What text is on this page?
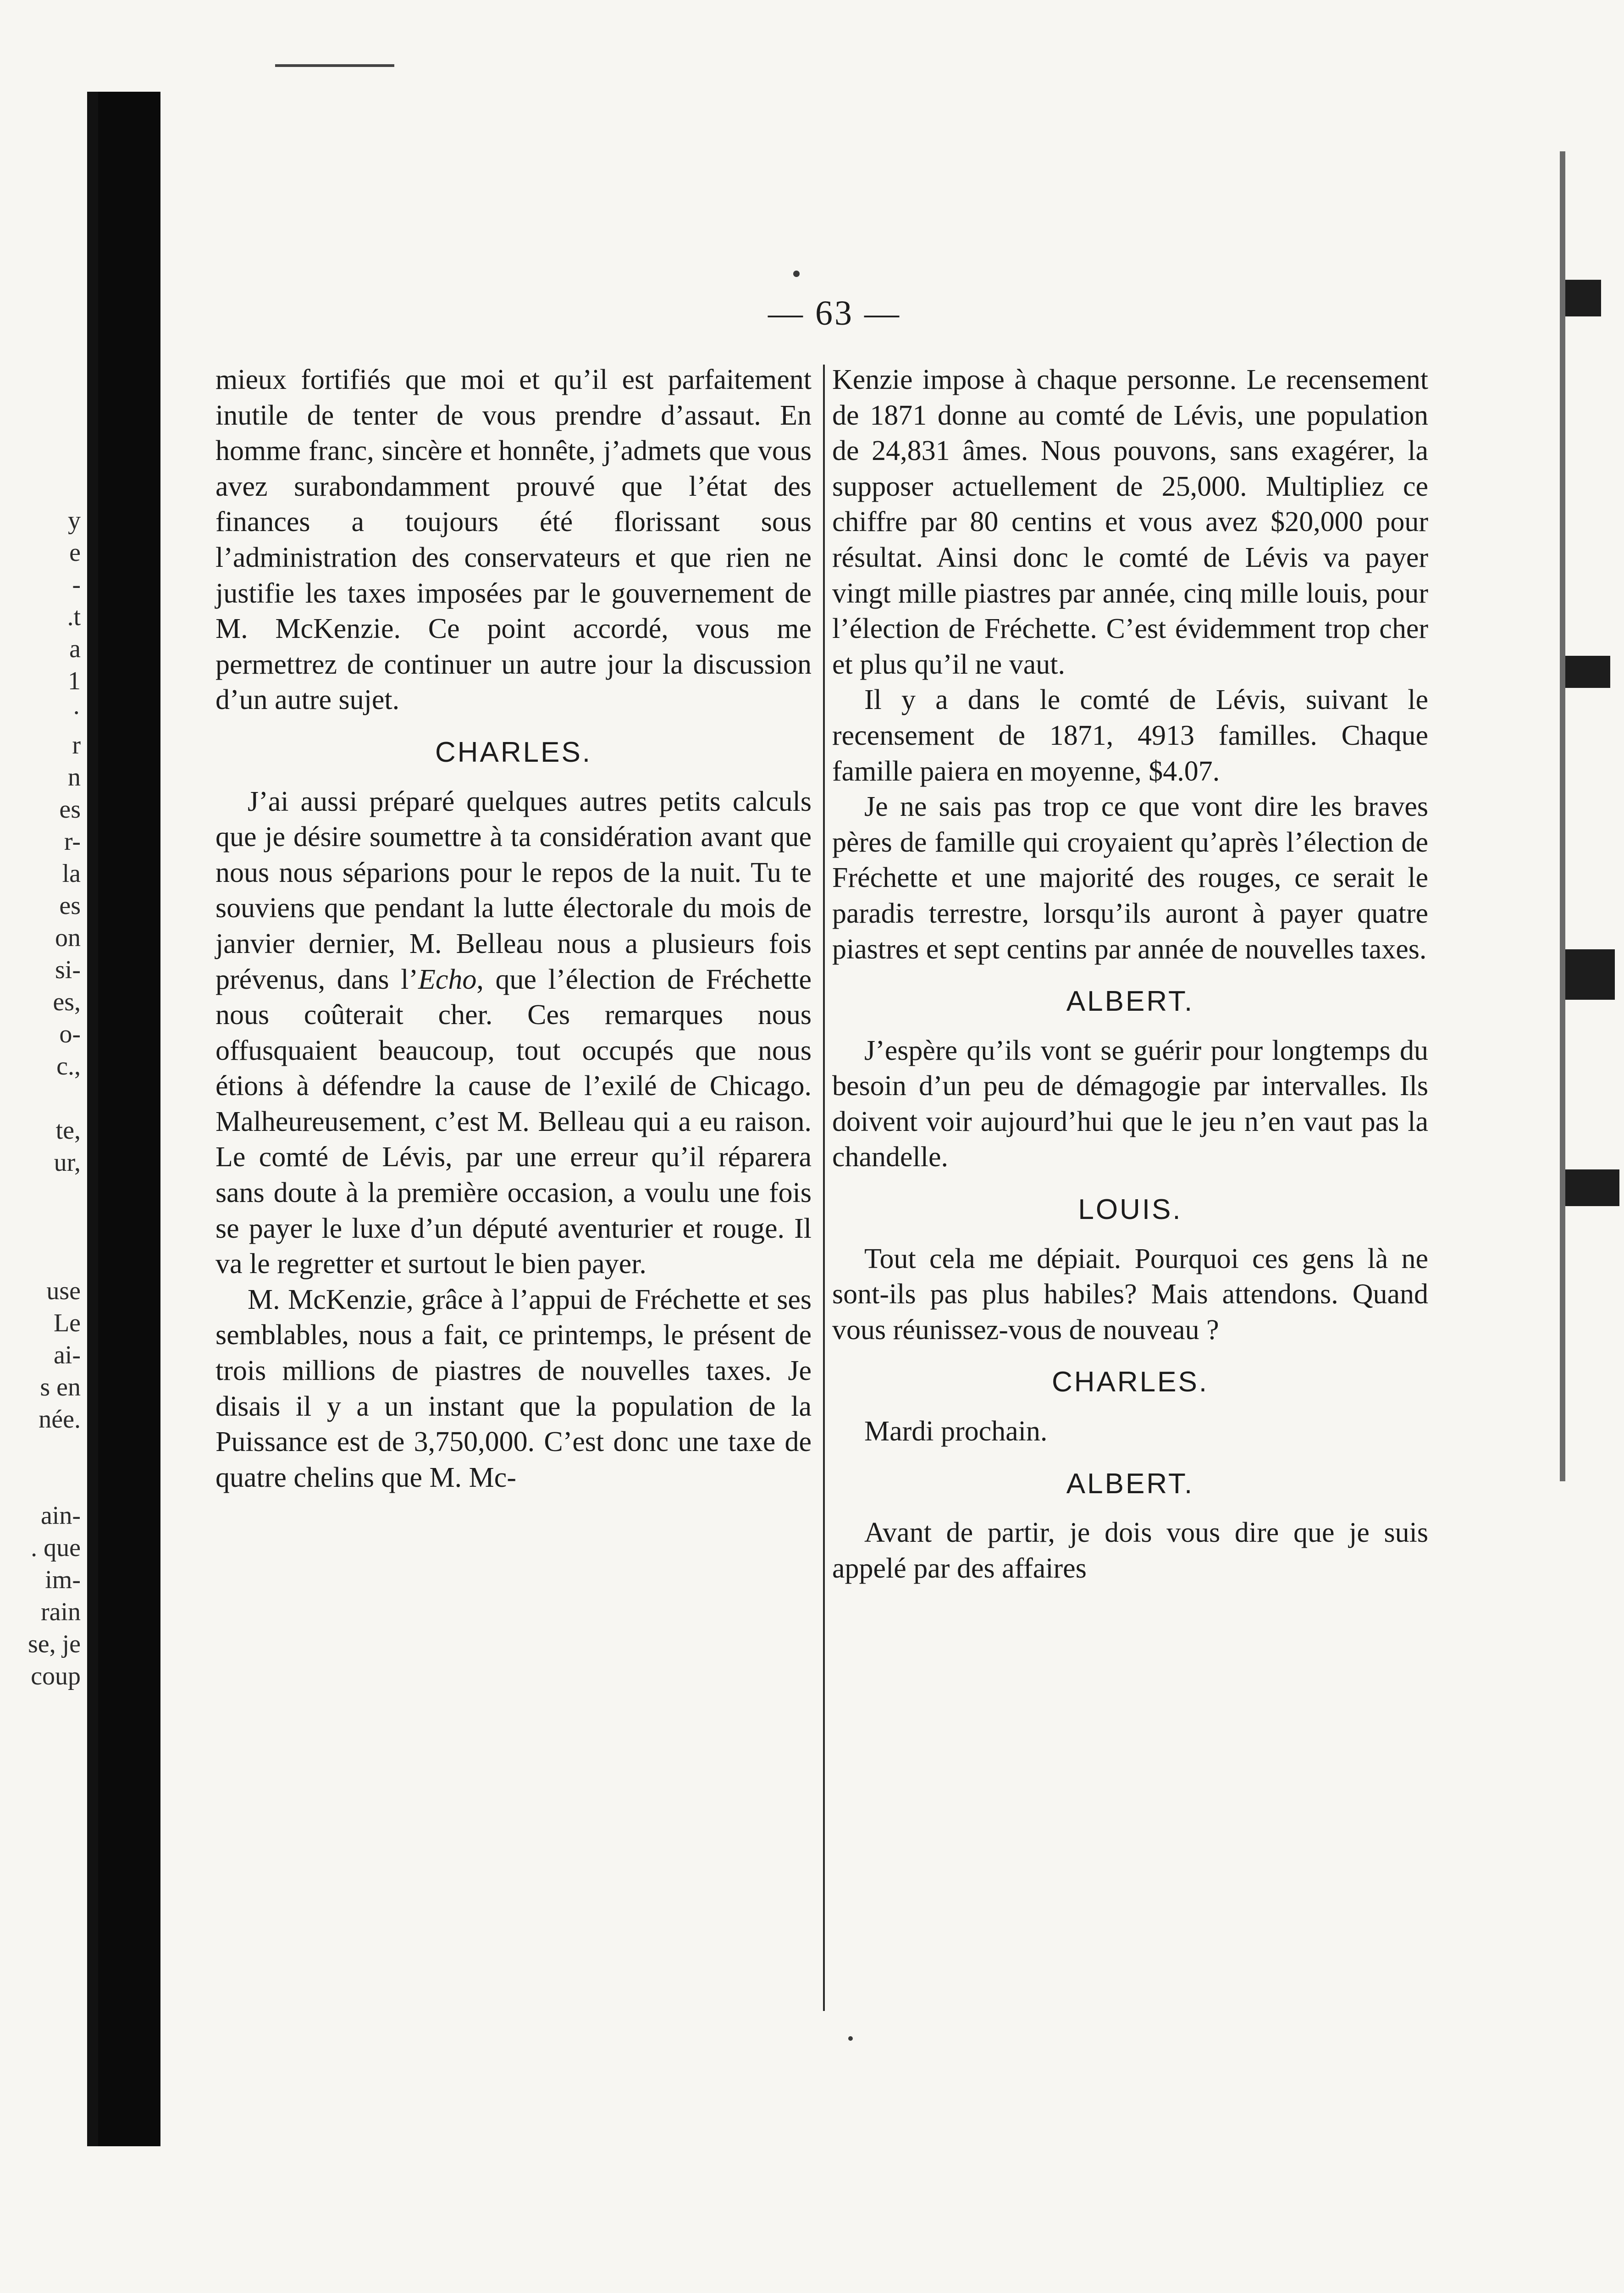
y
e
-
.t
a
1
·
r
n
es
r-
la
es
on
si-
es,
o-
c.,

te,
ur,

use
Le
ai-
s en
née.

ain-
. que
im-
rain
se, je
coup
— 63 —

mieux fortifiés que moi et qu’il est parfaitement inutile de tenter de vous prendre d’assaut. En homme franc, sincère et honnête, j’admets que vous avez surabondamment prouvé que l’état des finances a toujours été florissant sous l’administration des conservateurs et que rien ne justifie les taxes imposées par le gouvernement de M. McKenzie. Ce point accordé, vous me permettrez de continuer un autre jour la discussion d’un autre sujet.

CHARLES.

J’ai aussi préparé quelques autres petits calculs que je désire soumettre à ta considération avant que nous nous séparions pour le repos de la nuit. Tu te souviens que pendant la lutte électorale du mois de janvier dernier, M. Belleau nous a plusieurs fois prévenus, dans l’Echo, que l’élection de Fréchette nous coûterait cher. Ces remarques nous offusquaient beaucoup, tout occupés que nous étions à défendre la cause de l’exilé de Chicago. Malheureusement, c’est M. Belleau qui a eu raison. Le comté de Lévis, par une erreur qu’il réparera sans doute à la première occasion, a voulu une fois se payer le luxe d’un député aventurier et rouge. Il va le regretter et surtout le bien payer.

M. McKenzie, grâce à l’appui de Fréchette et ses semblables, nous a fait, ce printemps, le présent de trois millions de piastres de nouvelles taxes. Je disais il y a un instant que la population de la Puissance est de 3,750,000. C’est donc une taxe de quatre chelins que M. Mc-

Kenzie impose à chaque personne. Le recensement de 1871 donne au comté de Lévis, une population de 24,831 âmes. Nous pouvons, sans exagérer, la supposer actuellement de 25,000. Multipliez ce chiffre par 80 centins et vous avez $20,000 pour résultat. Ainsi donc le comté de Lévis va payer vingt mille piastres par année, cinq mille louis, pour l’élection de Fréchette. C’est évidemment trop cher et plus qu’il ne vaut.

Il y a dans le comté de Lévis, suivant le recensement de 1871, 4913 familles. Chaque famille paiera en moyenne, $4.07.

Je ne sais pas trop ce que vont dire les braves pères de famille qui croyaient qu’après l’élection de Fréchette et une majorité des rouges, ce serait le paradis terrestre, lorsqu’ils auront à payer quatre piastres et sept centins par année de nouvelles taxes.

ALBERT.

J’espère qu’ils vont se guérir pour longtemps du besoin d’un peu de démagogie par intervalles. Ils doivent voir aujourd’hui que le jeu n’en vaut pas la chandelle.

LOUIS.

Tout cela me dépiait. Pourquoi ces gens là ne sont-ils pas plus habiles? Mais attendons. Quand vous réunissez-vous de nouveau ?

CHARLES.

Mardi prochain.

ALBERT.

Avant de partir, je dois vous dire que je suis appelé par des affaires
